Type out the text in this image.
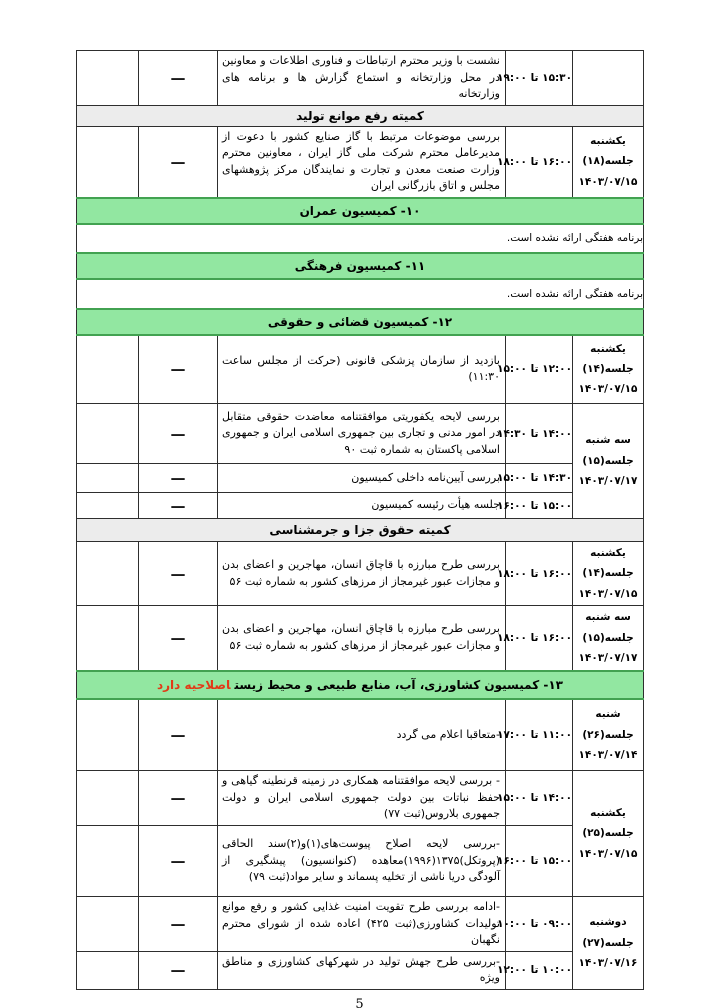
	۱۵:۳۰ تا ۱۹:۰۰	نشست با وزیر محترم ارتباطات و فناوری اطلاعات و معاونین در محل وزارتخانه و استماع گزارش ها و برنامه های وزارتخانه	—	
کمیته رفع موانع تولید				

یکشنبه
جلسه(۱۸)
۱۴۰۳/۰۷/۱۵	۱۶:۰۰ تا ۱۸:۰۰	بررسی موضوعات مرتبط با گاز صنایع کشور با دعوت از مدیرعامل محترم شرکت ملی گاز ایران ، معاونین محترم وزارت صنعت معدن و تجارت و نمایندگان مرکز پژوهشهای مجلس و اتاق بازرگانی ایران	—	
۱۰- کمیسیون عمران				
برنامه هفتگی ارائه نشده است.				
۱۱- کمیسیون فرهنگی				
برنامه هفتگی ارائه نشده است.				
۱۲- کمیسیون قضائی و حقوقی				

یکشنبه
جلسه(۱۴)
۱۴۰۳/۰۷/۱۵	۱۲:۰۰ تا ۱۵:۰۰	بازدید از سازمان پزشکی قانونی (حرکت از مجلس ساعت ۱۱:۳۰)	—	

سه شنبه
جلسه(۱۵)
۱۴۰۳/۰۷/۱۷	۱۴:۰۰ تا ۱۴:۳۰	بررسی لایحه یکفوریتی موافقتنامه معاضدت حقوقی متقابل در امور مدنی و تجاری بین جمهوری اسلامی ایران و جمهوری اسلامی پاکستان به شماره ثبت ۹۰	—	
	۱۴:۳۰ تا ۱۵:۰۰	بررسی آیین‌نامه داخلی کمیسیون	—	
	۱۵:۰۰ تا ۱۶:۰۰	جلسه هیأت رئیسه کمیسیون	—	
کمیته حقوق جزا و جرمشناسی				

یکشنبه
جلسه(۱۴)
۱۴۰۳/۰۷/۱۵	۱۶:۰۰ تا ۱۸:۰۰	بررسی طرح مبارزه با قاچاق انسان، مهاجرین و اعضای بدن و مجازات عبور غیرمجاز از مرزهای کشور به شماره ثبت ۵۶	—	

سه شنبه
جلسه(۱۵)
۱۴۰۳/۰۷/۱۷	۱۶:۰۰ تا ۱۸:۰۰	بررسی طرح مبارزه با قاچاق انسان، مهاجرین و اعضای بدن و مجازات عبور غیرمجاز از مرزهای کشور به شماره ثبت ۵۶	—	
۱۳- کمیسیون کشاورزی، آب، منابع طبیعی و محیط زیستاصلاحیه دارد				

شنبه
جلسه(۲۶)
۱۴۰۳/۰۷/۱۴	۱۱:۰۰ تا ۱۷:۰۰	-متعاقبا اعلام می گردد	—	

یکشنبه
جلسه(۲۵)
۱۴۰۳/۰۷/۱۵	۱۴:۰۰ تا ۱۵:۰۰	- بررسی لایحه موافقتنامه همکاری در زمینه قرنطینه گیاهی و حفظ نباتات بین دولت جمهوری اسلامی ایران و دولت جمهوری بلاروس(ثبت ۷۷)	—	
	۱۵:۰۰ تا ۱۶:۰۰	-بررسی لایحه اصلاح پیوست‌های(۱)و(۲)سند الحاقی (پروتکل)۱۳۷۵(۱۹۹۶)معاهده (کنوانسیون) پیشگیری از آلودگی دریا ناشی از تخلیه پسماند و سایر مواد(ثبت ۷۹)	—	

دوشنبه
جلسه(۲۷)
۱۴۰۳/۰۷/۱۶	۰۹:۰۰ تا ۱۰:۰۰	-ادامه بررسی طرح تقویت امنیت غذایی کشور و رفع موانع تولیدات کشاورزی(ثبت ۴۲۵) اعاده شده از شورای محترم نگهبان	—	
	۱۰:۰۰ تا ۱۲:۰۰	-بررسی طرح جهش تولید در شهرکهای کشاورزی و مناطق ویژه	—	
5
